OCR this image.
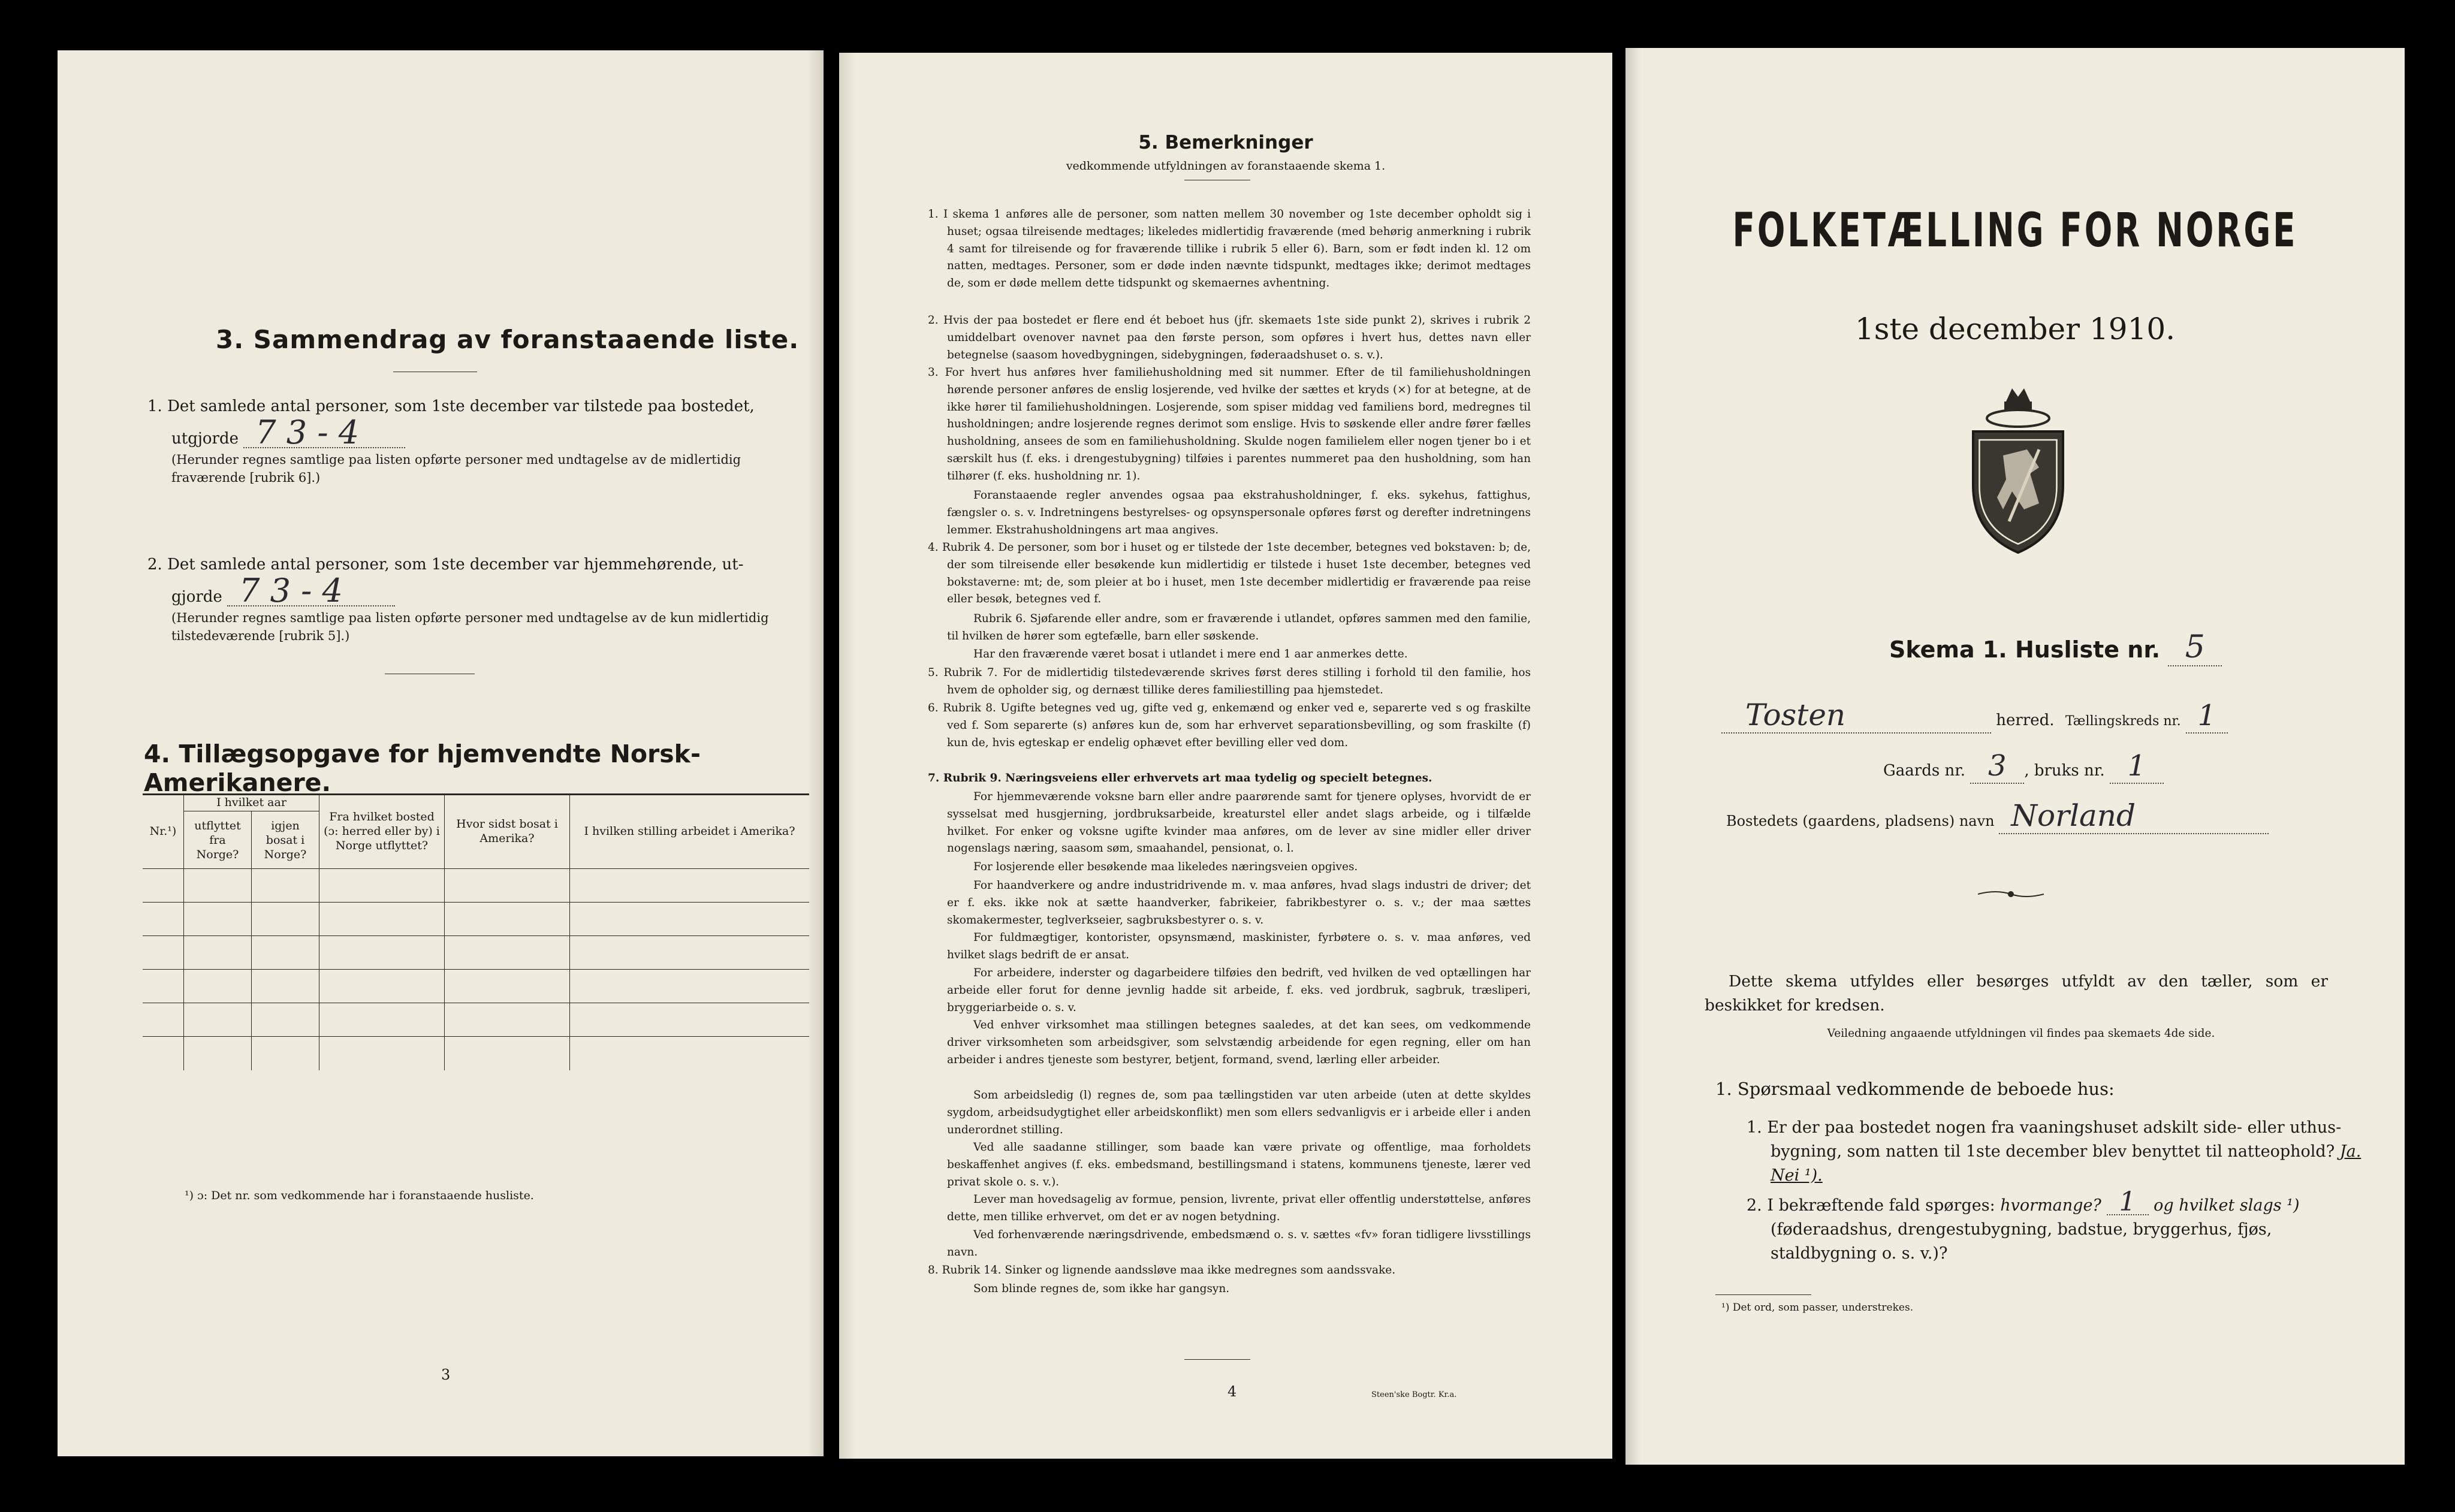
3. Sammendrag av foranstaaende liste.
1. Det samlede antal personer, som 1ste december var tilstede paa bostedet,
utgjorde 7 3 - 4
(Herunder regnes samtlige paa listen opførte personer med undtagelse av de midlertidig fraværende [rubrik 6].)
2. Det samlede antal personer, som 1ste december var hjemmehørende, ut-
gjorde 7 3 - 4
(Herunder regnes samtlige paa listen opførte personer med undtagelse av de kun midlertidig tilstedeværende [rubrik 5].)
4. Tillægsopgave for hjemvendte Norsk-Amerikanere.
Nr.¹)	I hvilket aar		Fra hvilket bosted (ɔ: herred eller by) i Norge utflyttet?	Hvor sidst bosat i Amerika?	I hvilken stilling arbeidet i Amerika?
	utflyttet fra Norge?	igjen bosat i Norge?			

¹) ɔ: Det nr. som vedkommende har i foranstaaende husliste.
3
5. Bemerkninger
vedkommende utfyldningen av foranstaaende skema 1.

1. I skema 1 anføres alle de personer, som natten mellem 30 november og 1ste december opholdt sig i huset; ogsaa tilreisende medtages; likeledes midlertidig fraværende (med behørig anmerkning i rubrik 4 samt for tilreisende og for fraværende tillike i rubrik 5 eller 6). Barn, som er født inden kl. 12 om natten, medtages. Personer, som er døde inden nævnte tidspunkt, medtages ikke; derimot medtages de, som er døde mellem dette tidspunkt og skemaernes avhentning.

2. Hvis der paa bostedet er flere end ét beboet hus (jfr. skemaets 1ste side punkt 2), skrives i rubrik 2 umiddelbart ovenover navnet paa den første person, som opføres i hvert hus, dettes navn eller betegnelse (saasom hovedbygningen, sidebygningen, føderaadshuset o. s. v.).

3. For hvert hus anføres hver familiehusholdning med sit nummer. Efter de til familiehusholdningen hørende personer anføres de enslig losjerende, ved hvilke der sættes et kryds (×) for at betegne, at de ikke hører til familiehusholdningen. Losjerende, som spiser middag ved familiens bord, medregnes til husholdningen; andre losjerende regnes derimot som enslige. Hvis to søskende eller andre fører fælles husholdning, ansees de som en familiehusholdning. Skulde nogen familielem eller nogen tjener bo i et særskilt hus (f. eks. i drengestubygning) tilføies i parentes nummeret paa den husholdning, som han tilhører (f. eks. husholdning nr. 1).

Foranstaaende regler anvendes ogsaa paa ekstrahusholdninger, f. eks. sykehus, fattighus, fængsler o. s. v. Indretningens bestyrelses- og opsynspersonale opføres først og derefter indretningens lemmer. Ekstrahusholdningens art maa angives.

4. Rubrik 4. De personer, som bor i huset og er tilstede der 1ste december, betegnes ved bokstaven: b; de, der som tilreisende eller besøkende kun midlertidig er tilstede i huset 1ste december, betegnes ved bokstaverne: mt; de, som pleier at bo i huset, men 1ste december midlertidig er fraværende paa reise eller besøk, betegnes ved f.

Rubrik 6. Sjøfarende eller andre, som er fraværende i utlandet, opføres sammen med den familie, til hvilken de hører som egtefælle, barn eller søskende.

Har den fraværende været bosat i utlandet i mere end 1 aar anmerkes dette.

5. Rubrik 7. For de midlertidig tilstedeværende skrives først deres stilling i forhold til den familie, hos hvem de opholder sig, og dernæst tillike deres familiestilling paa hjemstedet.

6. Rubrik 8. Ugifte betegnes ved ug, gifte ved g, enkemænd og enker ved e, separerte ved s og fraskilte ved f. Som separerte (s) anføres kun de, som har erhvervet separationsbevilling, og som fraskilte (f) kun de, hvis egteskap er endelig ophævet efter bevilling eller ved dom.

7. Rubrik 9. Næringsveiens eller erhvervets art maa tydelig og specielt betegnes.

For hjemmeværende voksne barn eller andre paarørende samt for tjenere oplyses, hvorvidt de er sysselsat med husgjerning, jordbruksarbeide, kreaturstel eller andet slags arbeide, og i tilfælde hvilket. For enker og voksne ugifte kvinder maa anføres, om de lever av sine midler eller driver nogenslags næring, saasom søm, smaahandel, pensionat, o. l.

For losjerende eller besøkende maa likeledes næringsveien opgives.

For haandverkere og andre industridrivende m. v. maa anføres, hvad slags industri de driver; det er f. eks. ikke nok at sætte haandverker, fabrikeier, fabrikbestyrer o. s. v.; der maa sættes skomakermester, teglverkseier, sagbruksbestyrer o. s. v.

For fuldmægtiger, kontorister, opsynsmænd, maskinister, fyrbøtere o. s. v. maa anføres, ved hvilket slags bedrift de er ansat.

For arbeidere, inderster og dagarbeidere tilføies den bedrift, ved hvilken de ved optællingen har arbeide eller forut for denne jevnlig hadde sit arbeide, f. eks. ved jordbruk, sagbruk, træsliperi, bryggeriarbeide o. s. v.

Ved enhver virksomhet maa stillingen betegnes saaledes, at det kan sees, om vedkommende driver virksomheten som arbeidsgiver, som selvstændig arbeidende for egen regning, eller om han arbeider i andres tjeneste som bestyrer, betjent, formand, svend, lærling eller arbeider.

Som arbeidsledig (l) regnes de, som paa tællingstiden var uten arbeide (uten at dette skyldes sygdom, arbeidsudygtighet eller arbeidskonflikt) men som ellers sedvanligvis er i arbeide eller i anden underordnet stilling.

Ved alle saadanne stillinger, som baade kan være private og offentlige, maa forholdets beskaffenhet angives (f. eks. embedsmand, bestillingsmand i statens, kommunens tjeneste, lærer ved privat skole o. s. v.).

Lever man hovedsagelig av formue, pension, livrente, privat eller offentlig understøttelse, anføres dette, men tillike erhvervet, om det er av nogen betydning.

Ved forhenværende næringsdrivende, embedsmænd o. s. v. sættes «fv» foran tidligere livsstillings navn.

8. Rubrik 14. Sinker og lignende aandssløve maa ikke medregnes som aandssvake.

Som blinde regnes de, som ikke har gangsyn.

4	Steen'ske Bogtr. Kr.a.
FOLKETÆLLING FOR NORGE
1ste december 1910.
Skema 1. Husliste nr. 5
Tosten	herred. Tællingskreds nr. 1
Gaards nr. 3 , bruks nr. 1
Bostedets (gaardens, pladsens) navn Norland
Dette skema utfyldes eller besørges utfyldt av den tæller, som er beskikket for kredsen.
Veiledning angaaende utfyldningen vil findes paa skemaets 4de side.
1. Spørsmaal vedkommende de beboede hus:
1. Er der paa bostedet nogen fra vaaningshuset adskilt side- eller uthus-bygning, som natten til 1ste december blev benyttet til natteophold? Ja. Nei ¹).
2. I bekræftende fald spørges: hvormange? 1 og hvilket slags ¹) (føderaadshus, drengestubygning, badstue, bryggerhus, fjøs, staldbygning o. s. v.)?
¹) Det ord, som passer, understrekes.
